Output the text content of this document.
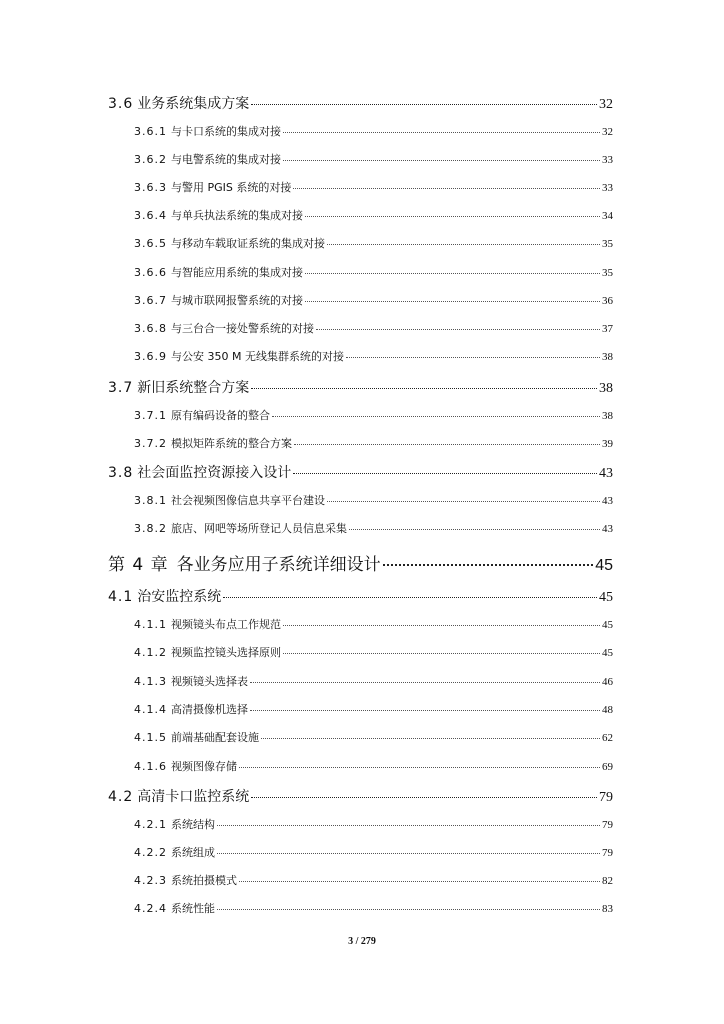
3.6 业务系统集成方案	32
3.6.1 与卡口系统的集成对接	32
3.6.2 与电警系统的集成对接	33
3.6.3 与警用 PGIS 系统的对接	33
3.6.4 与单兵执法系统的集成对接	34
3.6.5 与移动车载取证系统的集成对接	35
3.6.6 与智能应用系统的集成对接	35
3.6.7 与城市联网报警系统的对接	36
3.6.8 与三台合一接处警系统的对接	37
3.6.9 与公安 350 M 无线集群系统的对接	38
3.7 新旧系统整合方案	38
3.7.1 原有编码设备的整合	38
3.7.2 模拟矩阵系统的整合方案	39
3.8 社会面监控资源接入设计	43
3.8.1 社会视频图像信息共享平台建设	43
3.8.2 旅店、网吧等场所登记人员信息采集	43
第 4 章 各业务应用子系统详细设计	45
4.1 治安监控系统	45
4.1.1 视频镜头布点工作规范	45
4.1.2 视频监控镜头选择原则	45
4.1.3 视频镜头选择表	46
4.1.4 高清摄像机选择	48
4.1.5 前端基础配套设施	62
4.1.6 视频图像存储	69
4.2 高清卡口监控系统	79
4.2.1 系统结构	79
4.2.2 系统组成	79
4.2.3 系统拍摄模式	82
4.2.4 系统性能	83
3 / 279
